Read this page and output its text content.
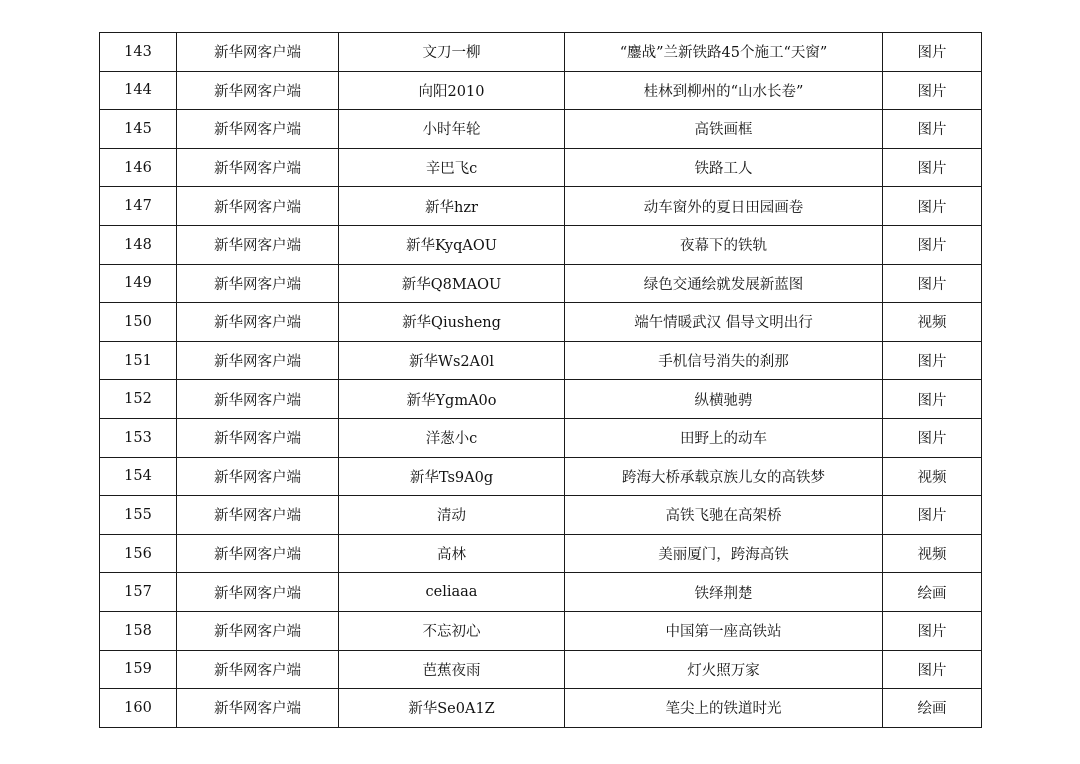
143	新华网客户端	文刀一柳	“鏖战”兰新铁路45个施工“天窗”	图片
144	新华网客户端	向阳2010	桂林到柳州的“山水长卷”	图片
145	新华网客户端	小时年轮	高铁画框	图片
146	新华网客户端	辛巴飞c	铁路工人	图片
147	新华网客户端	新华hzr	动车窗外的夏日田园画卷	图片
148	新华网客户端	新华KyqAOU	夜幕下的铁轨	图片
149	新华网客户端	新华Q8MAOU	绿色交通绘就发展新蓝图	图片
150	新华网客户端	新华Qiusheng	端午情暖武汉 倡导文明出行	视频
151	新华网客户端	新华Ws2A0l	手机信号消失的刹那	图片
152	新华网客户端	新华YgmA0o	纵横驰骋	图片
153	新华网客户端	洋葱小c	田野上的动车	图片
154	新华网客户端	新华Ts9A0g	跨海大桥承载京族儿女的高铁梦	视频
155	新华网客户端	清动	高铁飞驰在高架桥	图片
156	新华网客户端	高林	美丽厦门，跨海高铁	视频
157	新华网客户端	celiaaa	铁绎荆楚	绘画
158	新华网客户端	不忘初心	中国第一座高铁站	图片
159	新华网客户端	芭蕉夜雨	灯火照万家	图片
160	新华网客户端	新华Se0A1Z	笔尖上的铁道时光	绘画
